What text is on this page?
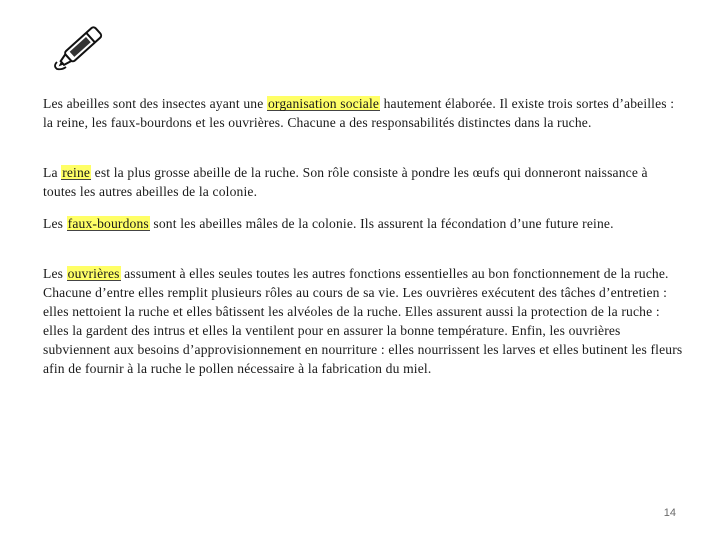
Les abeilles sont des insectes ayant une organisation sociale hautement élaborée. Il existe trois sortes d’abeilles : la reine, les faux-bourdons et les ouvrières. Chacune a des responsabilités distinctes dans la ruche.

La reine est la plus grosse abeille de la ruche. Son rôle consiste à pondre les œufs qui donneront naissance à toutes les autres abeilles de la colonie.

Les faux-bourdons sont les abeilles mâles de la colonie. Ils assurent la fécondation d’une future reine.

Les ouvrières assument à elles seules toutes les autres fonctions essentielles au bon fonctionnement de la ruche. Chacune d’entre elles remplit plusieurs rôles au cours de sa vie. Les ouvrières exécutent des tâches d’entretien : elles nettoient la ruche et elles bâtissent les alvéoles de la ruche. Elles assurent aussi la protection de la ruche : elles la gardent des intrus et elles la ventilent pour en assurer la bonne température. Enfin, les ouvrières subviennent aux besoins d’approvisionnement en nourriture : elles nourrissent les larves et elles butinent les fleurs afin de fournir à la ruche le pollen nécessaire à la fabrication du miel.

14
